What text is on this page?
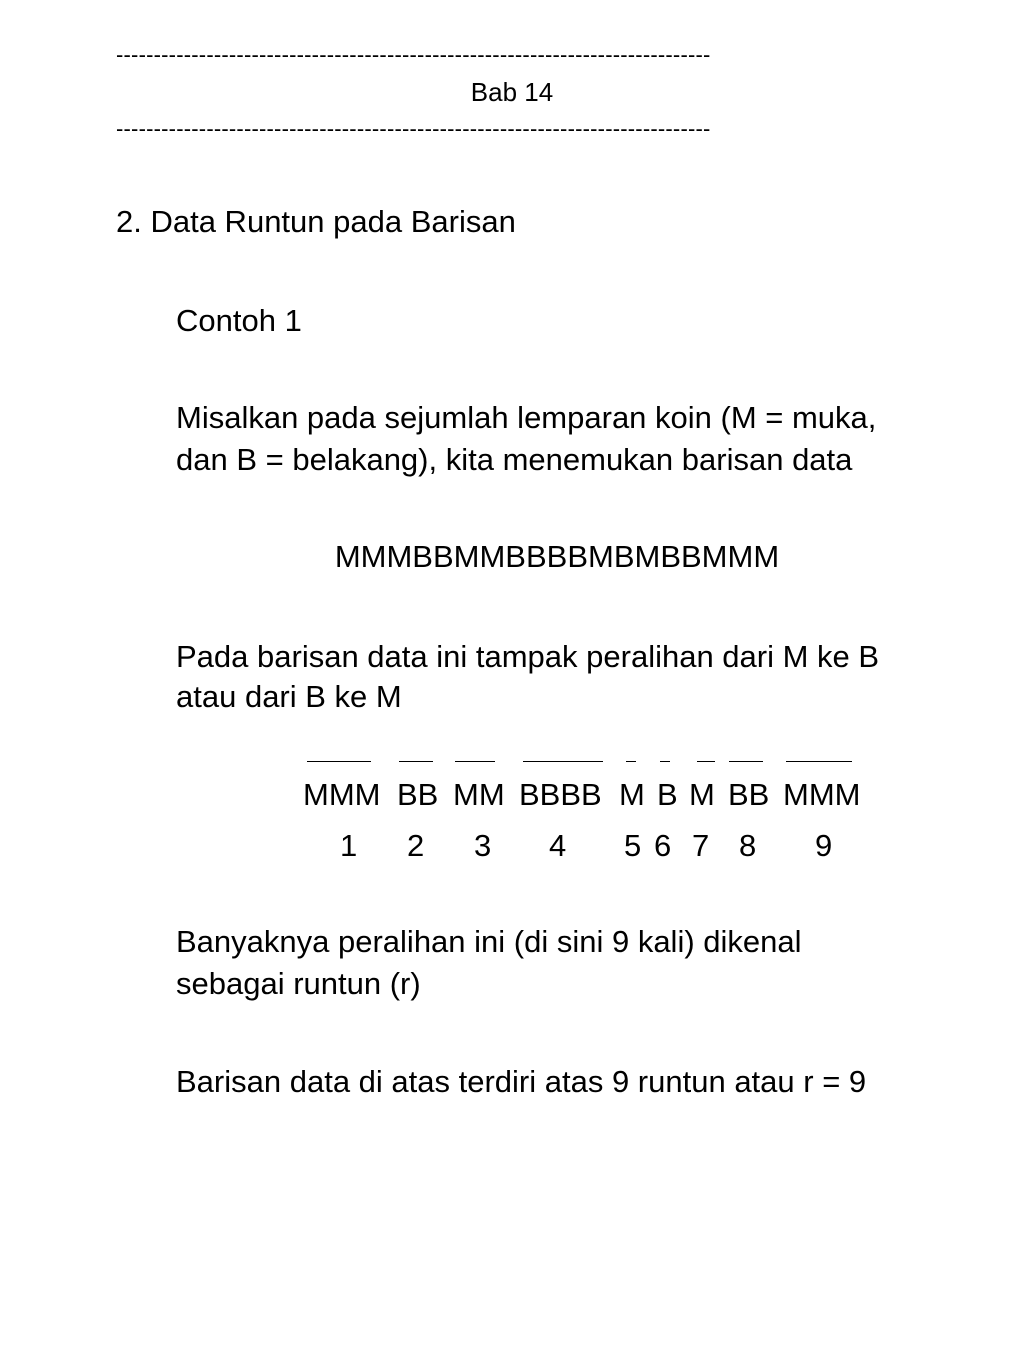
-------------------------------------------------------------------------------
Bab 14
-------------------------------------------------------------------------------
2. Data Runtun pada Barisan
Contoh 1
Misalkan pada sejumlah lemparan koin (M = muka,
dan B = belakang), kita menemukan barisan data
MMMBBMMBBBBMBMBBMMM
Pada barisan data ini tampak peralihan dari M ke B
atau dari B ke M
MMM BB MM BBBB M B M BB MMM
1 2 3 4 5 6 7 8 9
Banyaknya peralihan ini (di sini 9 kali) dikenal
sebagai runtun (r)
Barisan data di atas terdiri atas 9 runtun atau r = 9
